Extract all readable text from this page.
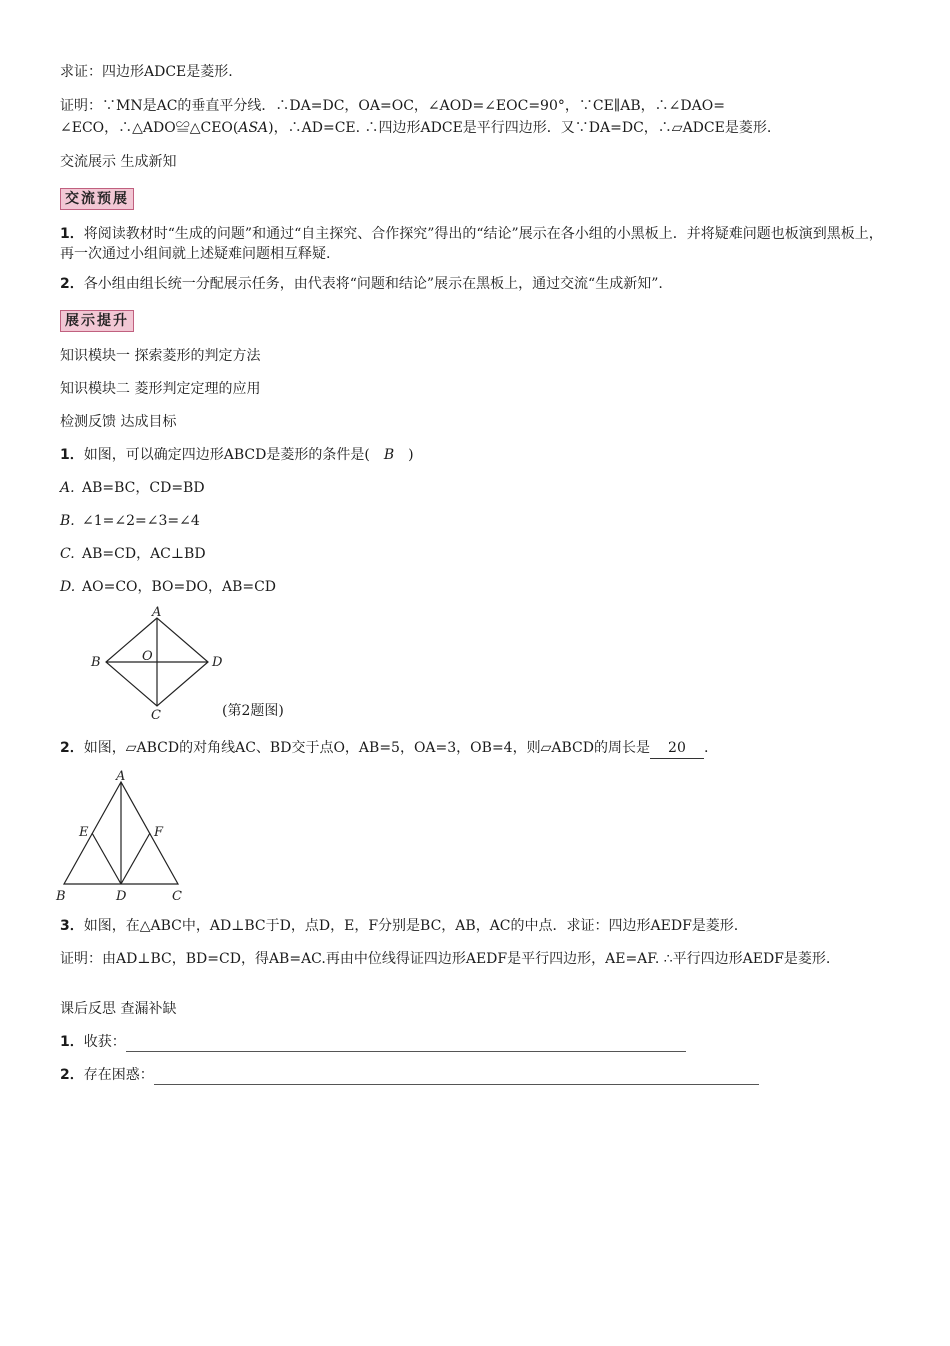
求证：四边形ADCE是菱形.
证明：∵MN是AC的垂直平分线．∴DA=DC，OA=OC，∠AOD=∠EOC=90°，∵CE∥AB，∴∠DAO=
∠ECO，∴△ADO≌△CEO(ASA)，∴AD=CE. ∴四边形ADCE是平行四边形．又∵DA=DC，∴▱ADCE是菱形.
交流展示 生成新知
交流预展
1．将阅读教材时“生成的问题”和通过“自主探究、合作探究”得出的“结论”展示在各小组的小黑板上．并将疑难问题也板演到黑板上，再一次通过小组间就上述疑难问题相互释疑.
2．各小组由组长统一分配展示任务，由代表将“问题和结论”展示在黑板上，通过交流“生成新知”.
展示提升
知识模块一 探索菱形的判定方法
知识模块二 菱形判定定理的应用
检测反馈 达成目标
1．如图，可以确定四边形ABCD是菱形的条件是( B )
A. AB=BC，CD=BD
B. ∠1=∠2=∠3=∠4
C. AB=CD，AC⊥BD
D. AO=CO，BO=DO，AB=CD
A
B	O	D
C	(第2题图)
2．如图，▱ABCD的对角线AC、BD交于点O，AB=5，OA=3，OB=4，则▱ABCD的周长是 20 .
A
E	F
B	D	C
3．如图，在△ABC中，AD⊥BC于D，点D，E，F分别是BC，AB，AC的中点．求证：四边形AEDF是菱形.
证明：由AD⊥BC，BD=CD，得AB=AC.再由中位线得证四边形AEDF是平行四边形，AE=AF. ∴平行四边形AEDF是菱形.
课后反思 查漏补缺
1．收获：
2．存在困惑：
